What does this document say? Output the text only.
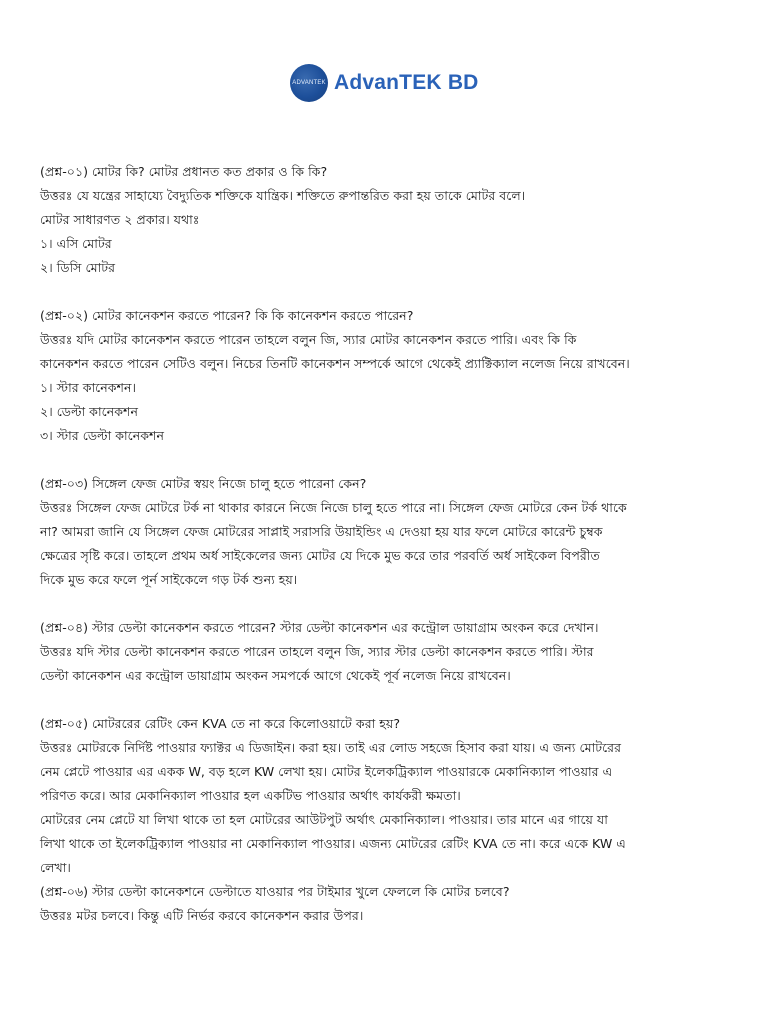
ADVANTEK AdvanTEK BD
(প্রশ্ন-০১) মোটর কি? মোটর প্রধানত কত প্রকার ও কি কি?
উত্তরঃ যে যন্ত্রের সাহায্যে বৈদ্যুতিক শক্তিকে যান্ত্রিক। শক্তিতে রুপান্তরিত করা হয় তাকে মোটর বলে।
মোটর সাধারণত ২ প্রকার। যথাঃ
১। এসি মোটর
২। ডিসি মোটর
(প্রশ্ন-০২) মোটর কানেকশন করতে পারেন? কি কি কানেকশন করতে পারেন?
উত্তরঃ যদি মোটর কানেকশন করতে পারেন তাহলে বলুন জি, স্যার মোটর কানেকশন করতে পারি। এবং কি কি
কানেকশন করতে পারেন সেটিও বলুন। নিচের তিনটি কানেকশন সম্পর্কে আগে থেকেই প্র্যাক্টিক্যাল নলেজ নিয়ে রাখবেন।
১। স্টার কানেকশন।
২। ডেল্টা কানেকশন
৩। স্টার ডেল্টা কানেকশন
(প্রশ্ন-০৩) সিঙ্গেল ফেজ মোটর স্বয়ং নিজে চালু হতে পারেনা কেন?
উত্তরঃ সিঙ্গেল ফেজ মোটরে টর্ক না থাকার কারনে নিজে নিজে চালু হতে পারে না। সিঙ্গেল ফেজ মোটরে কেন টর্ক থাকে
না? আমরা জানি যে সিঙ্গেল ফেজ মোটরের সাপ্লাই সরাসরি উয়াইন্ডিং এ দেওয়া হয় যার ফলে মোটরে কারেন্ট চুম্বক
ক্ষেত্রের সৃষ্টি করে। তাহলে প্রথম অর্ধ সাইকেলের জন্য মোটর যে দিকে মুভ করে তার পরবর্তি অর্ধ সাইকেল বিপরীত
দিকে মুভ করে ফলে পূর্ন সাইকেলে গড় টর্ক শুন্য হয়।
(প্রশ্ন-০৪) স্টার ডেল্টা কানেকশন করতে পারেন? স্টার ডেল্টা কানেকশন এর কন্ট্রোল ডায়াগ্রাম অংকন করে দেখান।
উত্তরঃ যদি স্টার ডেল্টা কানেকশন করতে পারেন তাহলে বলুন জি, স্যার স্টার ডেল্টা কানেকশন করতে পারি। স্টার
ডেল্টা কানেকশন এর কন্ট্রোল ডায়াগ্রাম অংকন সমপর্কে আগে থেকেই পূর্ব নলেজ নিয়ে রাখবেন।
(প্রশ্ন-০৫) মোটররের রেটিং কেন KVA তে না করে কিলোওয়াটে করা হয়?
উত্তরঃ মোটরকে নির্দিষ্ট পাওয়ার ফ্যাক্টর এ ডিজাইন। করা হয়। তাই এর লোড সহজে হিসাব করা যায়। এ জন্য মোটরের
নেম প্লেটে পাওয়ার এর একক W, বড় হলে KW লেখা হয়। মোটর ইলেকট্রিক্যাল পাওয়ারকে মেকানিক্যাল পাওয়ার এ
পরিণত করে। আর মেকানিক্যাল পাওয়ার হল একটিভ পাওয়ার অর্থাৎ কার্যকরী ক্ষমতা।
মোটরের নেম প্লেটে যা লিখা থাকে তা হল মোটরের আউটপুট অর্থাৎ মেকানিক্যাল। পাওয়ার। তার মানে এর গায়ে যা
লিখা থাকে তা ইলেকট্রিক্যাল পাওয়ার না মেকানিক্যাল পাওয়ার। এজন্য মোটরের রেটিং KVA তে না। করে একে KW এ
লেখা।
(প্রশ্ন-০৬) স্টার ডেল্টা কানেকশনে ডেল্টাতে যাওয়ার পর টাইমার খুলে ফেললে কি মোটর চলবে?
উত্তরঃ মটর চলবে। কিন্তু এটি নির্ভর করবে কানেকশন করার উপর।
